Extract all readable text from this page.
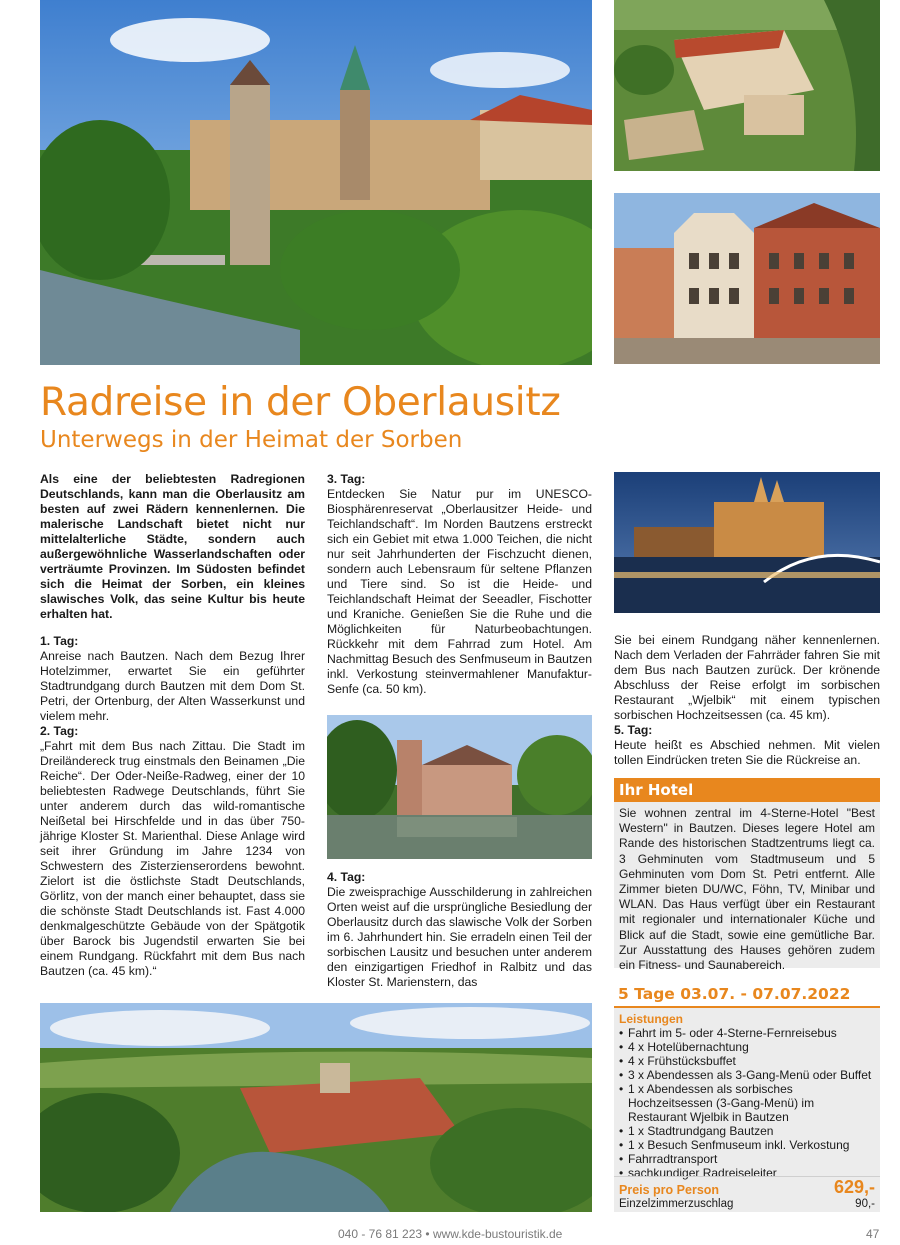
Radreise in der Oberlausitz
Unterwegs in der Heimat der Sorben

Als eine der beliebtesten Radregionen Deutschlands, kann man die Oberlausitz am besten auf zwei Rädern kennenlernen. Die malerische Landschaft bietet nicht nur mittelalterliche Städte, sondern auch außergewöhnliche Wasserlandschaften oder verträumte Provinzen. Im Südosten befindet sich die Heimat der Sorben, ein kleines slawisches Volk, das seine Kultur bis heute erhalten hat.

1. Tag:

Anreise nach Bautzen. Nach dem Bezug Ihrer Hotelzimmer, erwartet Sie ein geführter Stadtrundgang durch Bautzen mit dem Dom St. Petri, der Ortenburg, der Alten Wasserkunst und vielem mehr.

2. Tag:

„Fahrt mit dem Bus nach Zittau. Die Stadt im Dreiländereck trug einstmals den Beinamen „Die Reiche“. Der Oder-Neiße-Radweg, einer der 10 beliebtesten Radwege Deutschlands, führt Sie unter anderem durch das wild-romantische Neißetal bei Hirschfelde und in das über 750-jährige Kloster St. Marienthal. Diese Anlage wird seit ihrer Gründung im Jahre 1234 von Schwestern des Zisterzienserordens bewohnt. Zielort ist die östlichste Stadt Deutschlands, Görlitz, von der manch einer behauptet, dass sie die schönste Stadt Deutschlands ist. Fast 4.000 denkmalgeschützte Gebäude von der Spätgotik über Barock bis Jugendstil erwarten Sie bei einem Rundgang. Rückfahrt mit dem Bus nach Bautzen (ca. 45 km).“

3. Tag:

Entdecken Sie Natur pur im UNESCO-Biosphärenreservat „Oberlausitzer Heide- und Teichlandschaft“. Im Norden Bautzens erstreckt sich ein Gebiet mit etwa 1.000 Teichen, die nicht nur seit Jahrhunderten der Fischzucht dienen, sondern auch Lebensraum für seltene Pflanzen und Tiere sind. So ist die Heide- und Teichlandschaft Heimat der Seeadler, Fischotter und Kraniche. Genießen Sie die Ruhe und die Möglichkeiten für Naturbeobachtungen. Rückkehr mit dem Fahrrad zum Hotel. Am Nachmittag Besuch des Senfmuseum in Bautzen inkl. Verkostung steinvermahlener Manufaktur-Senfe (ca. 50 km).

4. Tag:

Die zweisprachige Ausschilderung in zahlreichen Orten weist auf die ursprüngliche Besiedlung der Oberlausitz durch das slawische Volk der Sorben im 6. Jahrhundert hin. Sie erradeln einen Teil der sorbischen Lausitz und besuchen unter anderem den einzigartigen Friedhof in Ralbitz und das Kloster St. Marienstern, das

Sie bei einem Rundgang näher kennenlernen. Nach dem Verladen der Fahrräder fahren Sie mit dem Bus nach Bautzen zurück. Der krönende Abschluss der Reise erfolgt im sorbischen Restaurant „Wjelbik“ mit einem typischen sorbischen Hochzeitsessen (ca. 45 km).

5. Tag:

Heute heißt es Abschied nehmen. Mit vielen tollen Eindrücken treten Sie die Rückreise an.

Ihr Hotel
Sie wohnen zentral im 4-Sterne-Hotel "Best Western" in Bautzen. Dieses legere Hotel am Rande des historischen Stadtzentrums liegt ca. 3 Gehminuten vom Stadtmuseum und 5 Gehminuten vom Dom St. Petri entfernt. Alle Zimmer bieten DU/WC, Föhn, TV, Minibar und WLAN. Das Haus verfügt über ein Restaurant mit regionaler und internationaler Küche und Blick auf die Stadt, sowie eine gemütliche Bar. Zur Ausstattung des Hauses gehören zudem ein Fitness- und Saunabereich.
5 Tage 03.07. - 07.07.2022
Leistungen
• Fahrt im 5- oder 4-Sterne-Fernreisebus
• 4 x Hotelübernachtung
• 4 x Frühstücksbuffet
• 3 x Abendessen als 3-Gang-Menü oder Buffet
• 1 x Abendessen als sorbisches Hochzeitsessen (3-Gang-Menü) im Restaurant Wjelbik in Bautzen
• 1 x Stadtrundgang Bautzen
• 1 x Besuch Senfmuseum inkl. Verkostung
• Fahrradtransport
• sachkundiger Radreiseleiter
Preis pro Person	629,-
Einzelzimmerzuschlag	90,-
040 - 76 81 223 • www.kde-bustouristik.de	47
